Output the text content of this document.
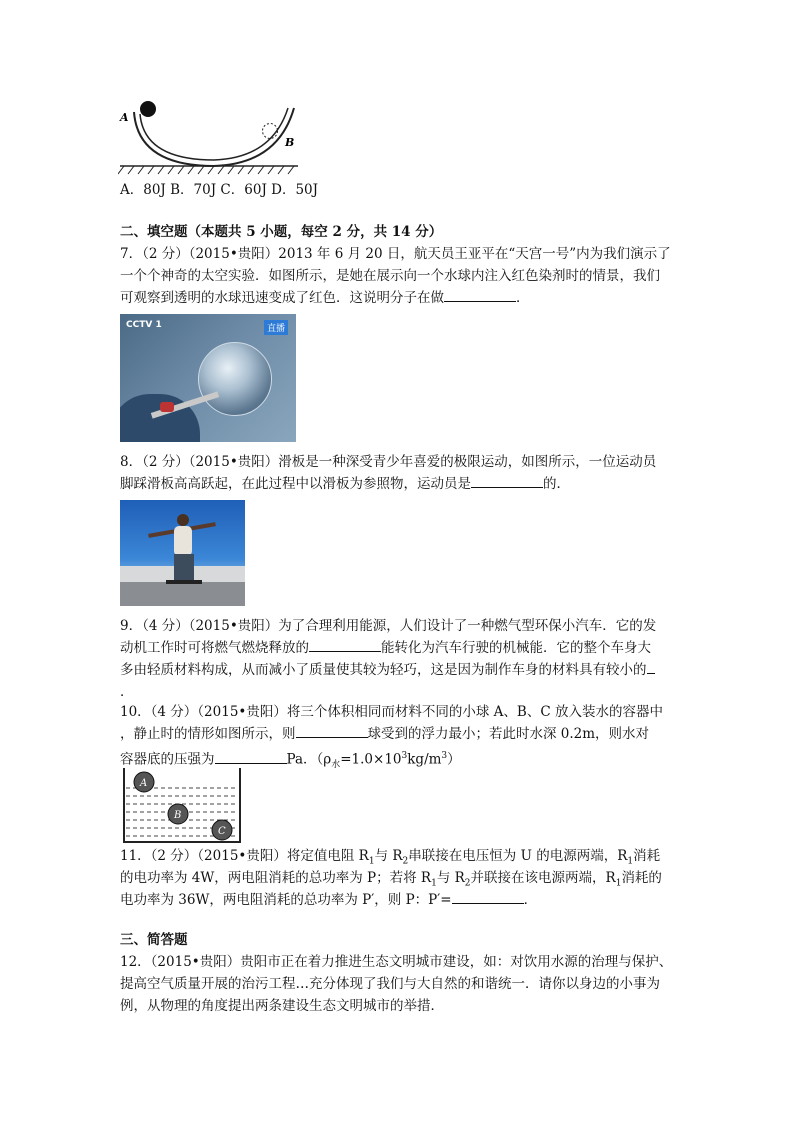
A
B
A．80J B．70J C．60J D．50J
二、填空题（本题共 5 小题，每空 2 分，共 14 分）
7．（2 分）（2015•贵阳）2013 年 6 月 20 日，航天员王亚平在“天宫一号”内为我们演示了
一个个神奇的太空实验．如图所示，是她在展示向一个水球内注入红色染剂时的情景，我们
可观察到透明的水球迅速变成了红色．这说明分子在做	．
CCTV 1	直播
8．（2 分）（2015•贵阳）滑板是一种深受青少年喜爱的极限运动，如图所示，一位运动员
脚踩滑板高高跃起，在此过程中以滑板为参照物，运动员是	的．
9．（4 分）（2015•贵阳）为了合理利用能源，人们设计了一种燃气型环保小汽车．它的发
动机工作时可将燃气燃烧释放的	能转化为汽车行驶的机械能．它的整个车身大
多由轻质材料构成，从而减小了质量使其较为轻巧，这是因为制作车身的材料具有较小的
．
10．（4 分）（2015•贵阳）将三个体积相同而材料不同的小球 A、B、C 放入装水的容器中
，静止时的情形如图所示，则	球受到的浮力最小；若此时水深 0.2m，则水对
容器底的压强为	Pa．$(\rho_水=1.0\times 10^3kg/m^3)$
A
B
C
11．（2 分）（2015•贵阳）将定值电阻 $R_1$与 $R_2$串联接在电压恒为 U 的电源两端，$R_1$消耗
的电功率为 4W，两电阻消耗的总功率为 P；若将 $R_1$与 $R_2$并联接在该电源两端，$R_1$消耗的
电功率为 36W，两电阻消耗的总功率为 P′，则 P：P′=	．
三、简答题
12．（2015•贵阳）贵阳市正在着力推进生态文明城市建设，如：对饮用水源的治理与保护、
提高空气质量开展的治污工程…充分体现了我们与大自然的和谐统一．请你以身边的小事为
例，从物理的角度提出两条建设生态文明城市的举措．
